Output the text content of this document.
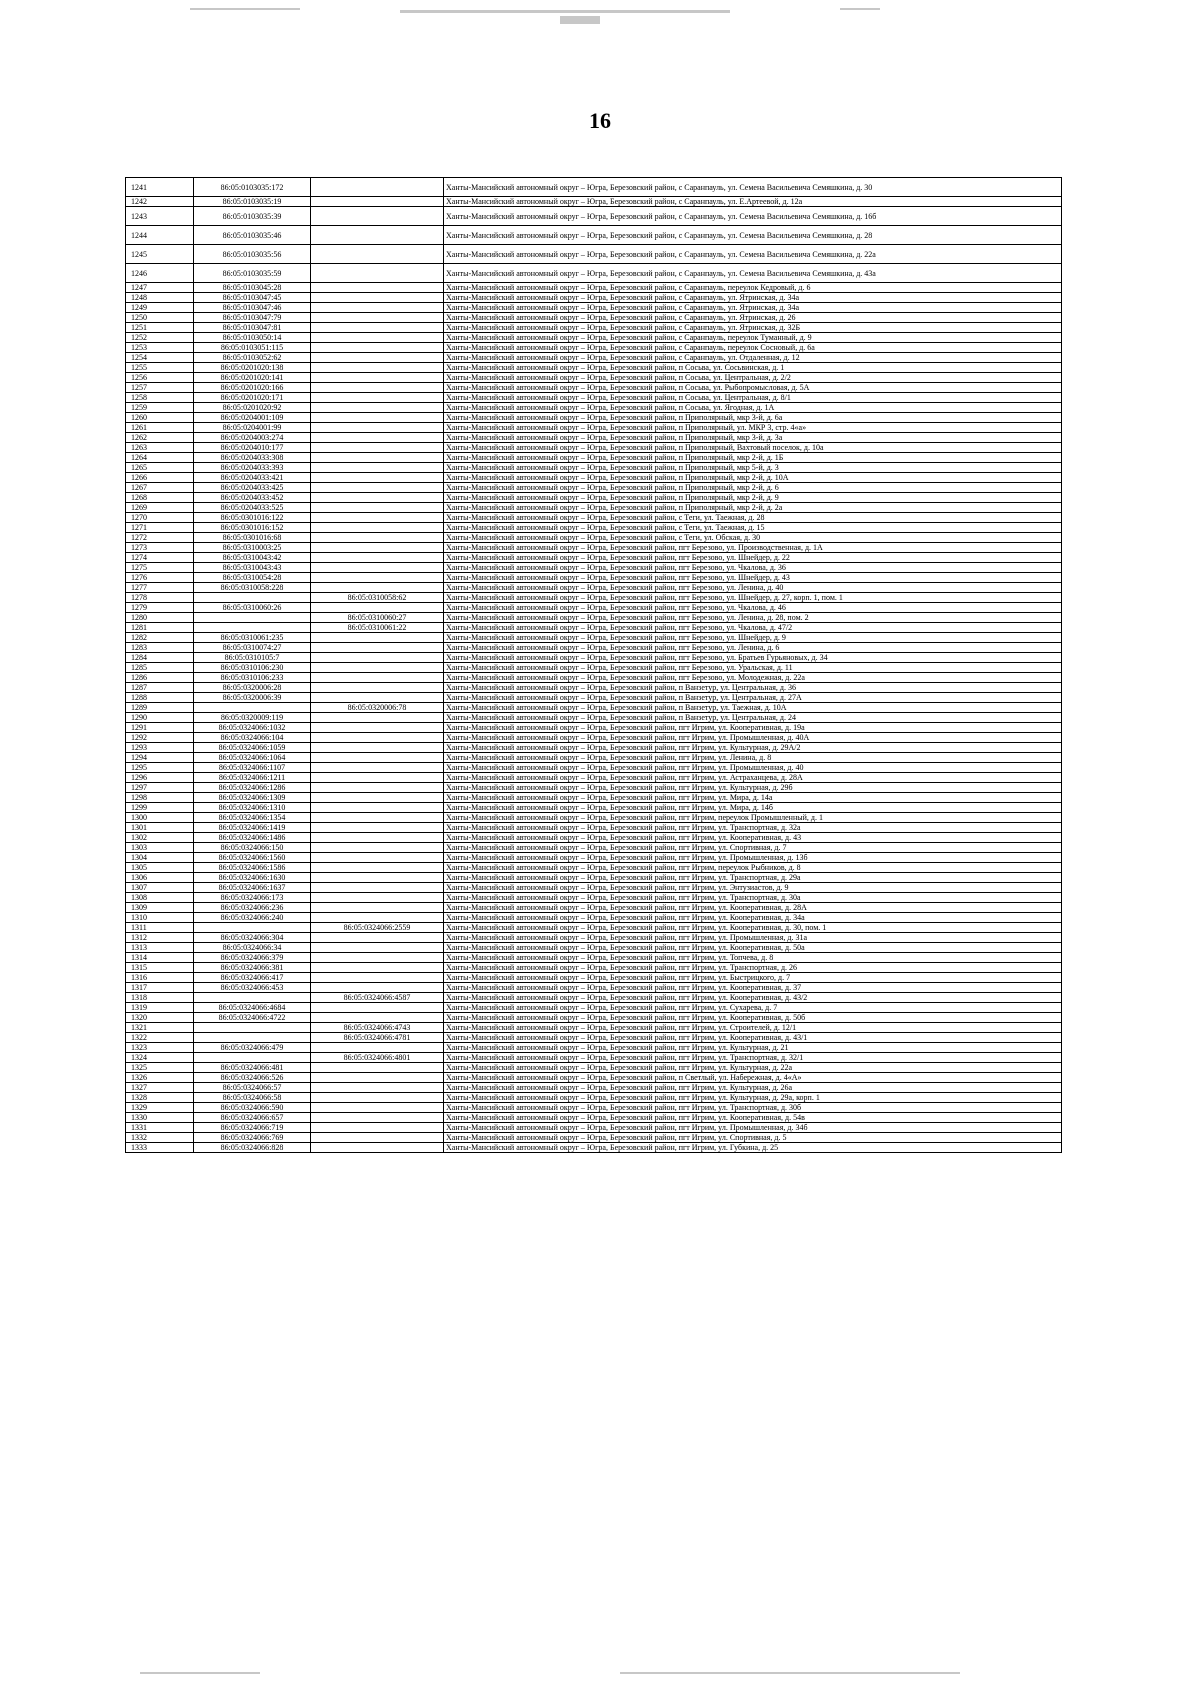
16
1241	86:05:0103035:172		Ханты-Мансийский автономный округ – Югра, Березовский район, с Саранпауль, ул. Семена Васильевича Семяшкина, д. 30
1242	86:05:0103035:19		Ханты-Мансийский автономный округ – Югра, Березовский район, с Саранпауль, ул. Е.Артеевой, д. 12а
1243	86:05:0103035:39		Ханты-Мансийский автономный округ – Югра, Березовский район, с Саранпауль, ул. Семена Васильевича Семяшкина, д. 16б
1244	86:05:0103035:46		Ханты-Мансийский автономный округ – Югра, Березовский район, с Саранпауль, ул. Семена Васильевича Семяшкина, д. 28
1245	86:05:0103035:56		Ханты-Мансийский автономный округ – Югра, Березовский район, с Саранпауль, ул. Семена Васильевича Семяшкина, д. 22а
1246	86:05:0103035:59		Ханты-Мансийский автономный округ – Югра, Березовский район, с Саранпауль, ул. Семена Васильевича Семяшкина, д. 43а
1247	86:05:0103045:28		Ханты-Мансийский автономный округ – Югра, Березовский район, с Саранпауль, переулок Кедровый, д. 6
1248	86:05:0103047:45		Ханты-Мансийский автономный округ – Югра, Березовский район, с Саранпауль, ул. Ятринская, д. 34а
1249	86:05:0103047:46		Ханты-Мансийский автономный округ – Югра, Березовский район, с Саранпауль, ул. Ятринская, д. 34а
1250	86:05:0103047:79		Ханты-Мансийский автономный округ – Югра, Березовский район, с Саранпауль, ул. Ятринская, д. 26
1251	86:05:0103047:81		Ханты-Мансийский автономный округ – Югра, Березовский район, с Саранпауль, ул. Ятринская, д. 32Б
1252	86:05:0103050:14		Ханты-Мансийский автономный округ – Югра, Березовский район, с Саранпауль, переулок Туманный, д. 9
1253	86:05:0103051:115		Ханты-Мансийский автономный округ – Югра, Березовский район, с Саранпауль, переулок Сосновый, д. 6а
1254	86:05:0103052:62		Ханты-Мансийский автономный округ – Югра, Березовский район, с Саранпауль, ул. Отдаленная, д. 12
1255	86:05:0201020:138		Ханты-Мансийский автономный округ – Югра, Березовский район, п Сосьва, ул. Сосьвинская, д. 1
1256	86:05:0201020:141		Ханты-Мансийский автономный округ – Югра, Березовский район, п Сосьва, ул. Центральная, д. 2/2
1257	86:05:0201020:166		Ханты-Мансийский автономный округ – Югра, Березовский район, п Сосьва, ул. Рыбопромысловая, д. 5А
1258	86:05:0201020:171		Ханты-Мансийский автономный округ – Югра, Березовский район, п Сосьва, ул. Центральная, д. 8/1
1259	86:05:0201020:92		Ханты-Мансийский автономный округ – Югра, Березовский район, п Сосьва, ул. Ягодная, д. 1А
1260	86:05:0204001:109		Ханты-Мансийский автономный округ – Югра, Березовский район, п Приполярный, мкр 3-й, д. 6а
1261	86:05:0204001:99		Ханты-Мансийский автономный округ – Югра, Березовский район, п Приполярный, ул. МКР 3, стр. 4«а»
1262	86:05:0204003:274		Ханты-Мансийский автономный округ – Югра, Березовский район, п Приполярный, мкр 3-й, д. 3а
1263	86:05:0204010:177		Ханты-Мансийский автономный округ – Югра, Березовский район, п Приполярный, Вахтовый поселок, д. 10а
1264	86:05:0204033:308		Ханты-Мансийский автономный округ – Югра, Березовский район, п Приполярный, мкр 2-й, д. 1Б
1265	86:05:0204033:393		Ханты-Мансийский автономный округ – Югра, Березовский район, п Приполярный, мкр 5-й, д. 3
1266	86:05:0204033:421		Ханты-Мансийский автономный округ – Югра, Березовский район, п Приполярный, мкр 2-й, д. 10А
1267	86:05:0204033:425		Ханты-Мансийский автономный округ – Югра, Березовский район, п Приполярный, мкр 2-й, д. 6
1268	86:05:0204033:452		Ханты-Мансийский автономный округ – Югра, Березовский район, п Приполярный, мкр 2-й, д. 9
1269	86:05:0204033:525		Ханты-Мансийский автономный округ – Югра, Березовский район, п Приполярный, мкр 2-й, д. 2а
1270	86:05:0301016:122		Ханты-Мансийский автономный округ – Югра, Березовский район, с Теги, ул. Таежная, д. 28
1271	86:05:0301016:152		Ханты-Мансийский автономный округ – Югра, Березовский район, с Теги, ул. Таежная, д. 15
1272	86:05:0301016:68		Ханты-Мансийский автономный округ – Югра, Березовский район, с Теги, ул. Обская, д. 30
1273	86:05:0310003:25		Ханты-Мансийский автономный округ – Югра, Березовский район, пгт Березово, ул. Производственная, д. 1А
1274	86:05:0310043:42		Ханты-Мансийский автономный округ – Югра, Березовский район, пгт Березово, ул. Шнейдер, д. 22
1275	86:05:0310043:43		Ханты-Мансийский автономный округ – Югра, Березовский район, пгт Березово, ул. Чкалова, д. 36
1276	86:05:0310054:28		Ханты-Мансийский автономный округ – Югра, Березовский район, пгт Березово, ул. Шнейдер, д. 43
1277	86:05:0310058:228		Ханты-Мансийский автономный округ – Югра, Березовский район, пгт Березово, ул. Ленина, д. 40
1278		86:05:0310058:62	Ханты-Мансийский автономный округ – Югра, Березовский район, пгт Березово, ул. Шнейдер, д. 27, корп. 1, пом. 1
1279	86:05:0310060:26		Ханты-Мансийский автономный округ – Югра, Березовский район, пгт Березово, ул. Чкалова, д. 46
1280		86:05:0310060:27	Ханты-Мансийский автономный округ – Югра, Березовский район, пгт Березово, ул. Ленина, д. 28, пом. 2
1281		86:05:0310061:22	Ханты-Мансийский автономный округ – Югра, Березовский район, пгт Березово, ул. Чкалова, д. 47/2
1282	86:05:0310061:235		Ханты-Мансийский автономный округ – Югра, Березовский район, пгт Березово, ул. Шнейдер, д. 9
1283	86:05:0310074:27		Ханты-Мансийский автономный округ – Югра, Березовский район, пгт Березово, ул. Ленина, д. 6
1284	86:05:0310105:7		Ханты-Мансийский автономный округ – Югра, Березовский район, пгт Березово, ул. Братьев Гурьяновых, д. 34
1285	86:05:0310106:230		Ханты-Мансийский автономный округ – Югра, Березовский район, пгт Березово, ул. Уральская, д. 11
1286	86:05:0310106:233		Ханты-Мансийский автономный округ – Югра, Березовский район, пгт Березово, ул. Молодежная, д. 22а
1287	86:05:0320006:28		Ханты-Мансийский автономный округ – Югра, Березовский район, п Ванзетур, ул. Центральная, д. 36
1288	86:05:0320006:39		Ханты-Мансийский автономный округ – Югра, Березовский район, п Ванзетур, ул. Центральная, д. 27А
1289		86:05:0320006:78	Ханты-Мансийский автономный округ – Югра, Березовский район, п Ванзетур, ул. Таежная, д. 10А
1290	86:05:0320009:119		Ханты-Мансийский автономный округ – Югра, Березовский район, п Ванзетур, ул. Центральная, д. 24
1291	86:05:0324066:1032		Ханты-Мансийский автономный округ – Югра, Березовский район, пгт Игрим, ул. Кооперативная, д. 19а
1292	86:05:0324066:104		Ханты-Мансийский автономный округ – Югра, Березовский район, пгт Игрим, ул. Промышленная, д. 40А
1293	86:05:0324066:1059		Ханты-Мансийский автономный округ – Югра, Березовский район, пгт Игрим, ул. Культурная, д. 29А/2
1294	86:05:0324066:1064		Ханты-Мансийский автономный округ – Югра, Березовский район, пгт Игрим, ул. Ленина, д. 8
1295	86:05:0324066:1107		Ханты-Мансийский автономный округ – Югра, Березовский район, пгт Игрим, ул. Промышленная, д. 40
1296	86:05:0324066:1211		Ханты-Мансийский автономный округ – Югра, Березовский район, пгт Игрим, ул. Астраханцева, д. 28А
1297	86:05:0324066:1286		Ханты-Мансийский автономный округ – Югра, Березовский район, пгт Игрим, ул. Культурная, д. 29б
1298	86:05:0324066:1309		Ханты-Мансийский автономный округ – Югра, Березовский район, пгт Игрим, ул. Мира, д. 14а
1299	86:05:0324066:1310		Ханты-Мансийский автономный округ – Югра, Березовский район, пгт Игрим, ул. Мира, д. 14б
1300	86:05:0324066:1354		Ханты-Мансийский автономный округ – Югра, Березовский район, пгт Игрим, переулок Промышленный, д. 1
1301	86:05:0324066:1419		Ханты-Мансийский автономный округ – Югра, Березовский район, пгт Игрим, ул. Транспортная, д. 32а
1302	86:05:0324066:1486		Ханты-Мансийский автономный округ – Югра, Березовский район, пгт Игрим, ул. Кооперативная, д. 43
1303	86:05:0324066:150		Ханты-Мансийский автономный округ – Югра, Березовский район, пгт Игрим, ул. Спортивная, д. 7
1304	86:05:0324066:1560		Ханты-Мансийский автономный округ – Югра, Березовский район, пгт Игрим, ул. Промышленная, д. 13б
1305	86:05:0324066:1586		Ханты-Мансийский автономный округ – Югра, Березовский район, пгт Игрим, переулок Рыбников, д. 8
1306	86:05:0324066:1630		Ханты-Мансийский автономный округ – Югра, Березовский район, пгт Игрим, ул. Транспортная, д. 29а
1307	86:05:0324066:1637		Ханты-Мансийский автономный округ – Югра, Березовский район, пгт Игрим, ул. Энтузиастов, д. 9
1308	86:05:0324066:173		Ханты-Мансийский автономный округ – Югра, Березовский район, пгт Игрим, ул. Транспортная, д. 30а
1309	86:05:0324066:236		Ханты-Мансийский автономный округ – Югра, Березовский район, пгт Игрим, ул. Кооперативная, д. 28А
1310	86:05:0324066:240		Ханты-Мансийский автономный округ – Югра, Березовский район, пгт Игрим, ул. Кооперативная, д. 34а
1311		86:05:0324066:2559	Ханты-Мансийский автономный округ – Югра, Березовский район, пгт Игрим, ул. Кооперативная, д. 30, пом. 1
1312	86:05:0324066:304		Ханты-Мансийский автономный округ – Югра, Березовский район, пгт Игрим, ул. Промышленная, д. 31а
1313	86:05:0324066:34		Ханты-Мансийский автономный округ – Югра, Березовский район, пгт Игрим, ул. Кооперативная, д. 50а
1314	86:05:0324066:379		Ханты-Мансийский автономный округ – Югра, Березовский район, пгт Игрим, ул. Топчева, д. 8
1315	86:05:0324066:381		Ханты-Мансийский автономный округ – Югра, Березовский район, пгт Игрим, ул. Транспортная, д. 26
1316	86:05:0324066:417		Ханты-Мансийский автономный округ – Югра, Березовский район, пгт Игрим, ул. Быстрицкого, д. 7
1317	86:05:0324066:453		Ханты-Мансийский автономный округ – Югра, Березовский район, пгт Игрим, ул. Кооперативная, д. 37
1318		86:05:0324066:4587	Ханты-Мансийский автономный округ – Югра, Березовский район, пгт Игрим, ул. Кооперативная, д. 43/2
1319	86:05:0324066:4684		Ханты-Мансийский автономный округ – Югра, Березовский район, пгт Игрим, ул. Сухарева, д. 7
1320	86:05:0324066:4722		Ханты-Мансийский автономный округ – Югра, Березовский район, пгт Игрим, ул. Кооперативная, д. 50б
1321		86:05:0324066:4743	Ханты-Мансийский автономный округ – Югра, Березовский район, пгт Игрим, ул. Строителей, д. 12/1
1322		86:05:0324066:4781	Ханты-Мансийский автономный округ – Югра, Березовский район, пгт Игрим, ул. Кооперативная, д. 43/1
1323	86:05:0324066:479		Ханты-Мансийский автономный округ – Югра, Березовский район, пгт Игрим, ул. Культурная, д. 21
1324		86:05:0324066:4801	Ханты-Мансийский автономный округ – Югра, Березовский район, пгт Игрим, ул. Транспортная, д. 32/1
1325	86:05:0324066:481		Ханты-Мансийский автономный округ – Югра, Березовский район, пгт Игрим, ул. Культурная, д. 22а
1326	86:05:0324066:526		Ханты-Мансийский автономный округ – Югра, Березовский район, п Светлый, ул. Набережная, д. 4«А»
1327	86:05:0324066:57		Ханты-Мансийский автономный округ – Югра, Березовский район, пгт Игрим, ул. Культурная, д. 26а
1328	86:05:0324066:58		Ханты-Мансийский автономный округ – Югра, Березовский район, пгт Игрим, ул. Культурная, д. 29а, корп. 1
1329	86:05:0324066:590		Ханты-Мансийский автономный округ – Югра, Березовский район, пгт Игрим, ул. Транспортная, д. 30б
1330	86:05:0324066:657		Ханты-Мансийский автономный округ – Югра, Березовский район, пгт Игрим, ул. Кооперативная, д. 54в
1331	86:05:0324066:719		Ханты-Мансийский автономный округ – Югра, Березовский район, пгт Игрим, ул. Промышленная, д. 34б
1332	86:05:0324066:769		Ханты-Мансийский автономный округ – Югра, Березовский район, пгт Игрим, ул. Спортивная, д. 5
1333	86:05:0324066:828		Ханты-Мансийский автономный округ – Югра, Березовский район, пгт Игрим, ул. Губкина, д. 25
